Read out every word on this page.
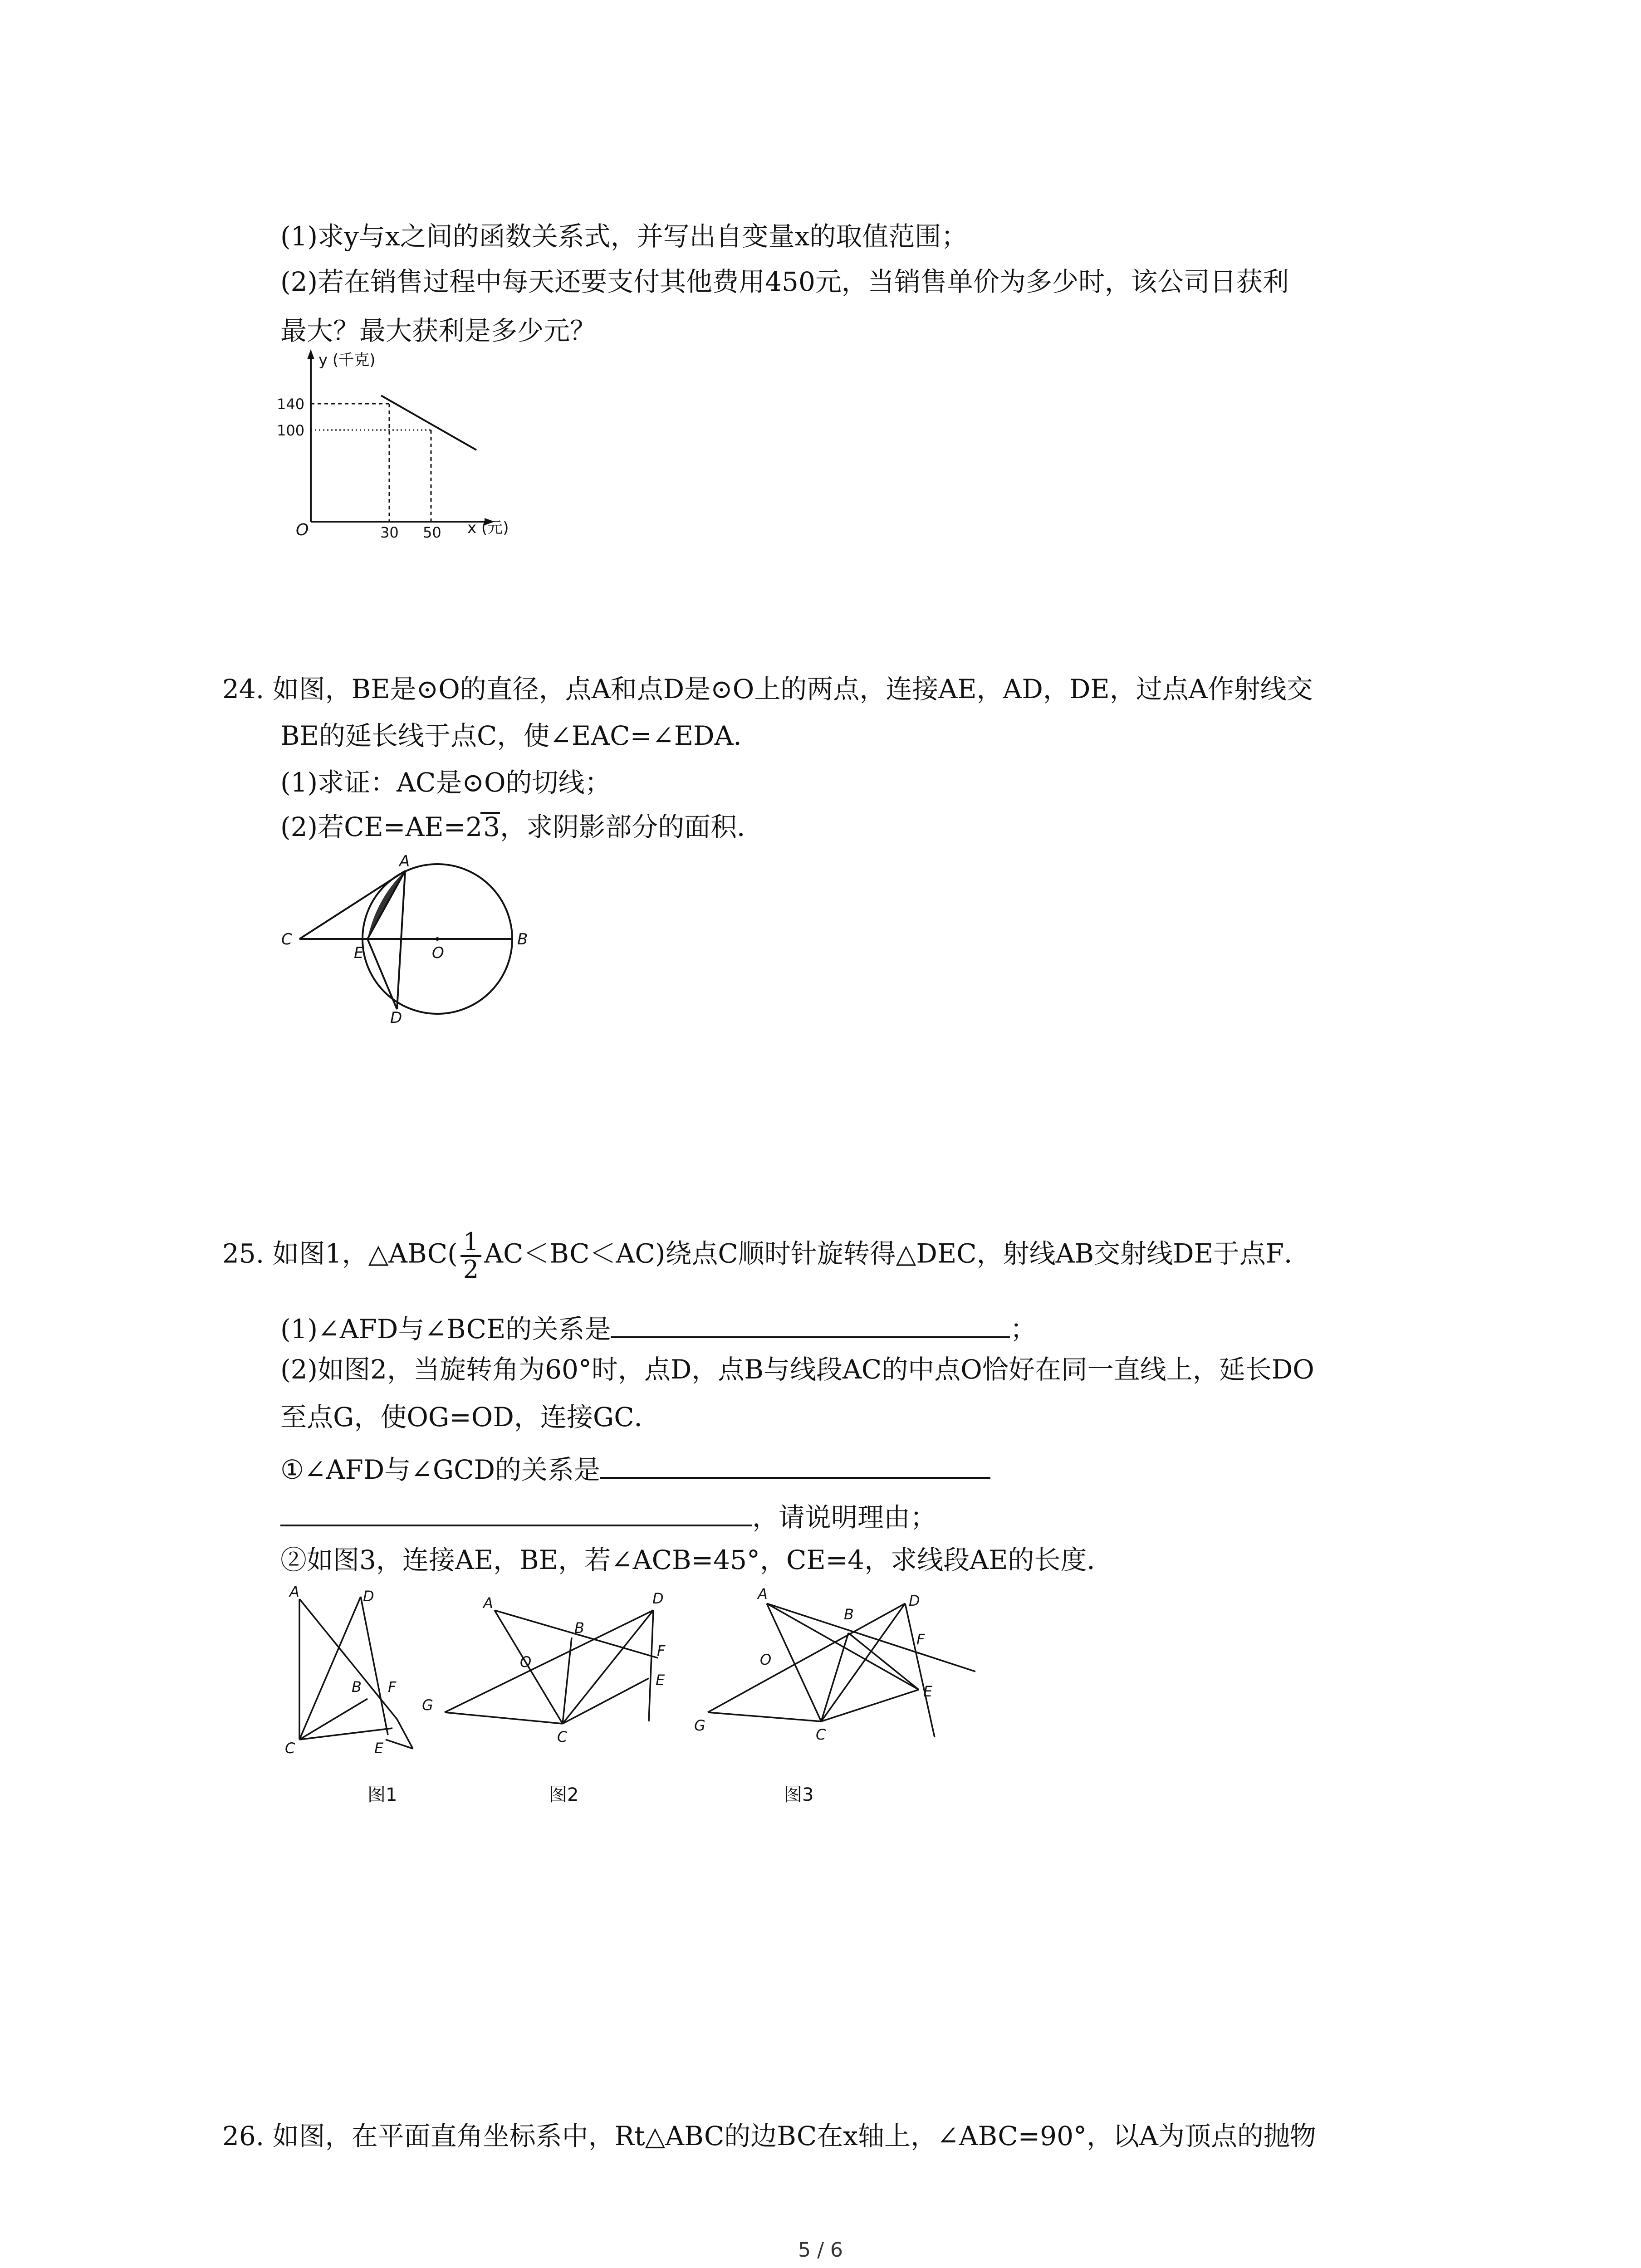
(1)求y与x之间的函数关系式，并写出自变量x的取值范围；
(2)若在销售过程中每天还要支付其他费用450元，当销售单价为多少时，该公司日获利
最大？最大获利是多少元？
y (千克)
x (元)
O
140
100
30 50
24. 如图，BE是⊙O的直径，点A和点D是⊙O上的两点，连接AE，AD，DE，过点A作射线交
BE的延长线于点C，使∠EAC=∠EDA．
(1)求证：AC是⊙O的切线；
(2)若CE=AE=23，求阴影部分的面积．
A
C
E	O
B
D
25. 如图1，△ABC( $\frac{1}{2} AC<BC<AC$)绕点C顺时针旋转得△DEC，射线AB交射线DE于点F．
(1)∠AFD与∠BCE的关系是	；
(2)如图2，当旋转角为60°时，点D，点B与线段AC的中点O恰好在同一直线上，延长DO
至点G，使OG=OD，连接GC．
①∠AFD与∠GCD的关系是
，请说明理由；
②如图3，连接AE，BE，若∠ACB=45°，CE=4，求线段AE的长度．
A	D
B F
C	E
A
B
D
O
F
G
E
C
A
B
D
F
O
E
G
C
图1	图2	图3
26. 如图，在平面直角坐标系中，Rt△ABC的边BC在x轴上，∠ABC=90°，以A为顶点的抛物
5 / 6
